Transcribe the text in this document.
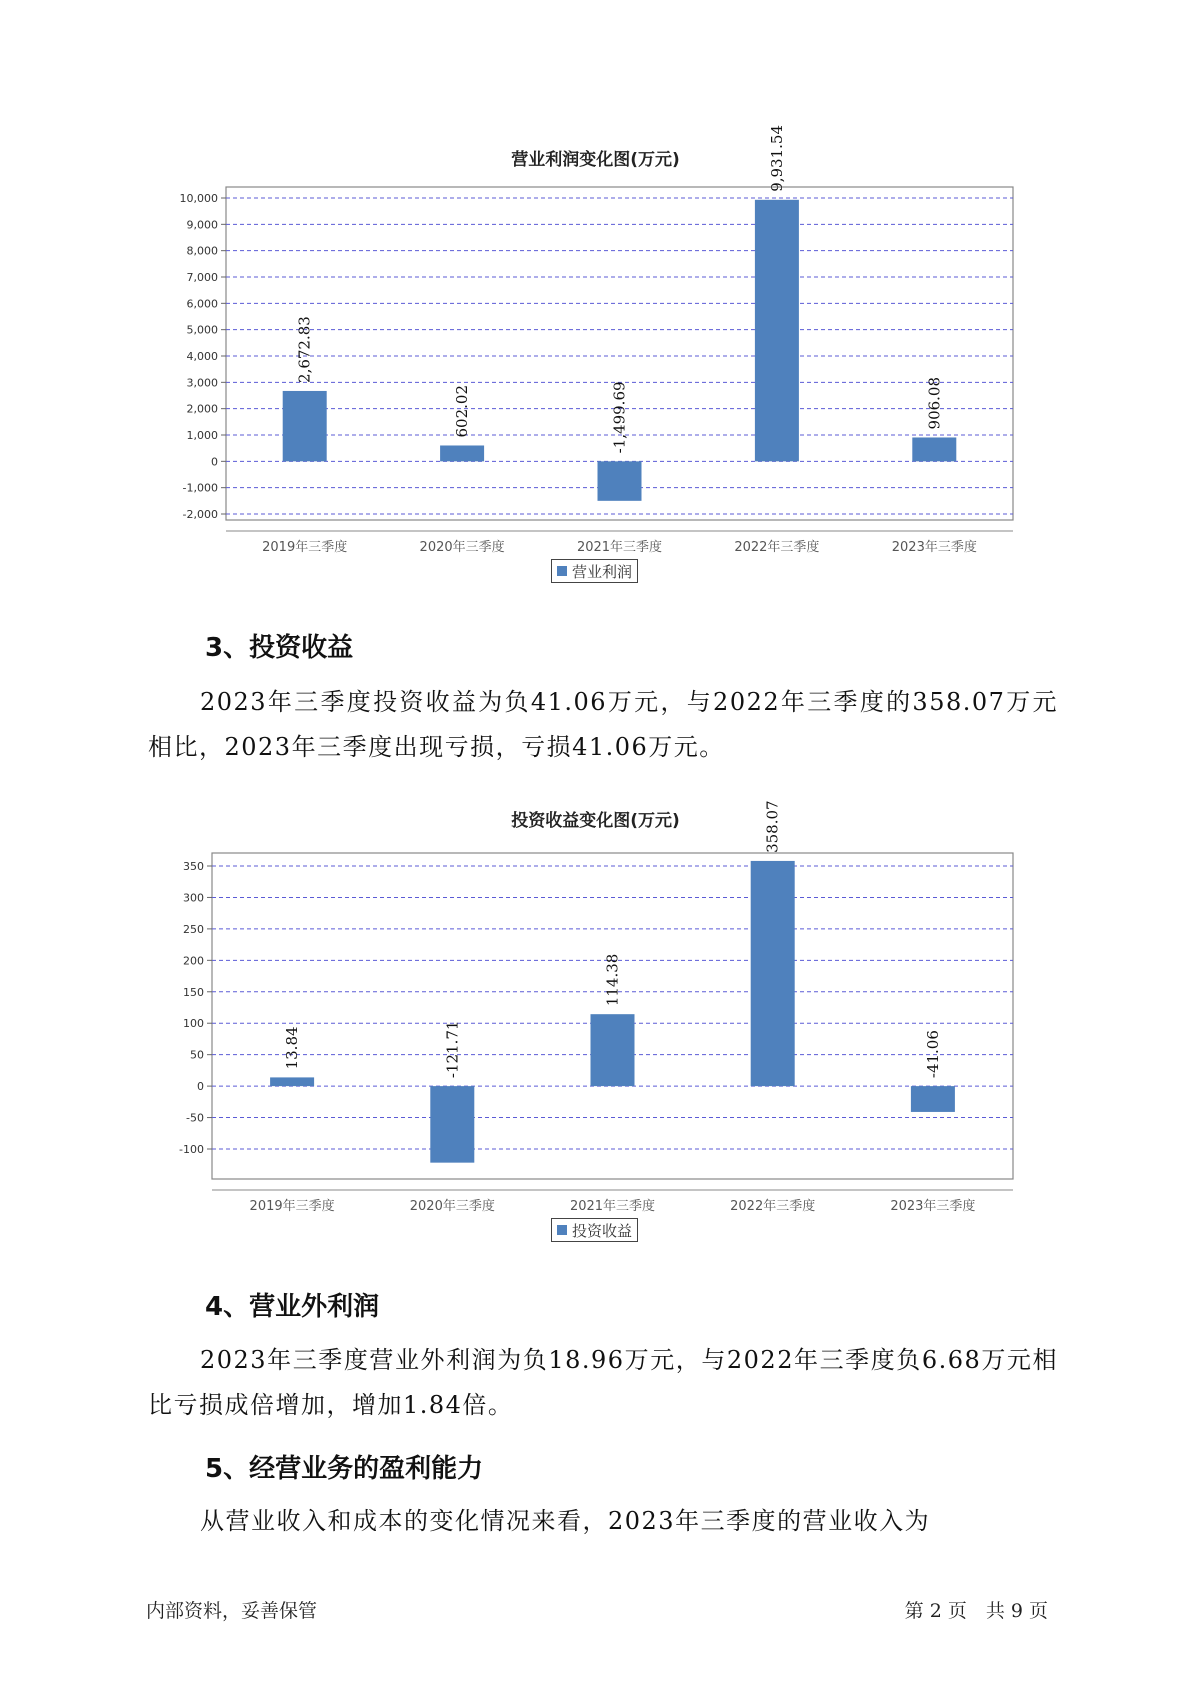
营业利润变化图(万元)
10,000
9,000
8,000
7,000
6,000
5,000
4,000
3,000
2,000
1,000
0
-1,000
-2,000
2,672.83
2019年三季度
602.02
2020年三季度
-1,499.69
2021年三季度
9,931.54
2022年三季度
906.08
2023年三季度
营业利润
3、投资收益

2023年三季度投资收益为负41.06万元，与2022年三季度的358.07万元相比，2023年三季度出现亏损，亏损41.06万元。

投资收益变化图(万元)
350
300
250
200
150
100
50
0
-50
-100
13.84
2019年三季度
-121.71
2020年三季度
114.38
2021年三季度
358.07
2022年三季度
-41.06
2023年三季度
投资收益
4、营业外利润

2023年三季度营业外利润为负18.96万元，与2022年三季度负6.68万元相比亏损成倍增加，增加1.84倍。

5、经营业务的盈利能力

从营业收入和成本的变化情况来看，2023年三季度的营业收入为

内部资料，妥善保管	第 2 页　共 9 页
